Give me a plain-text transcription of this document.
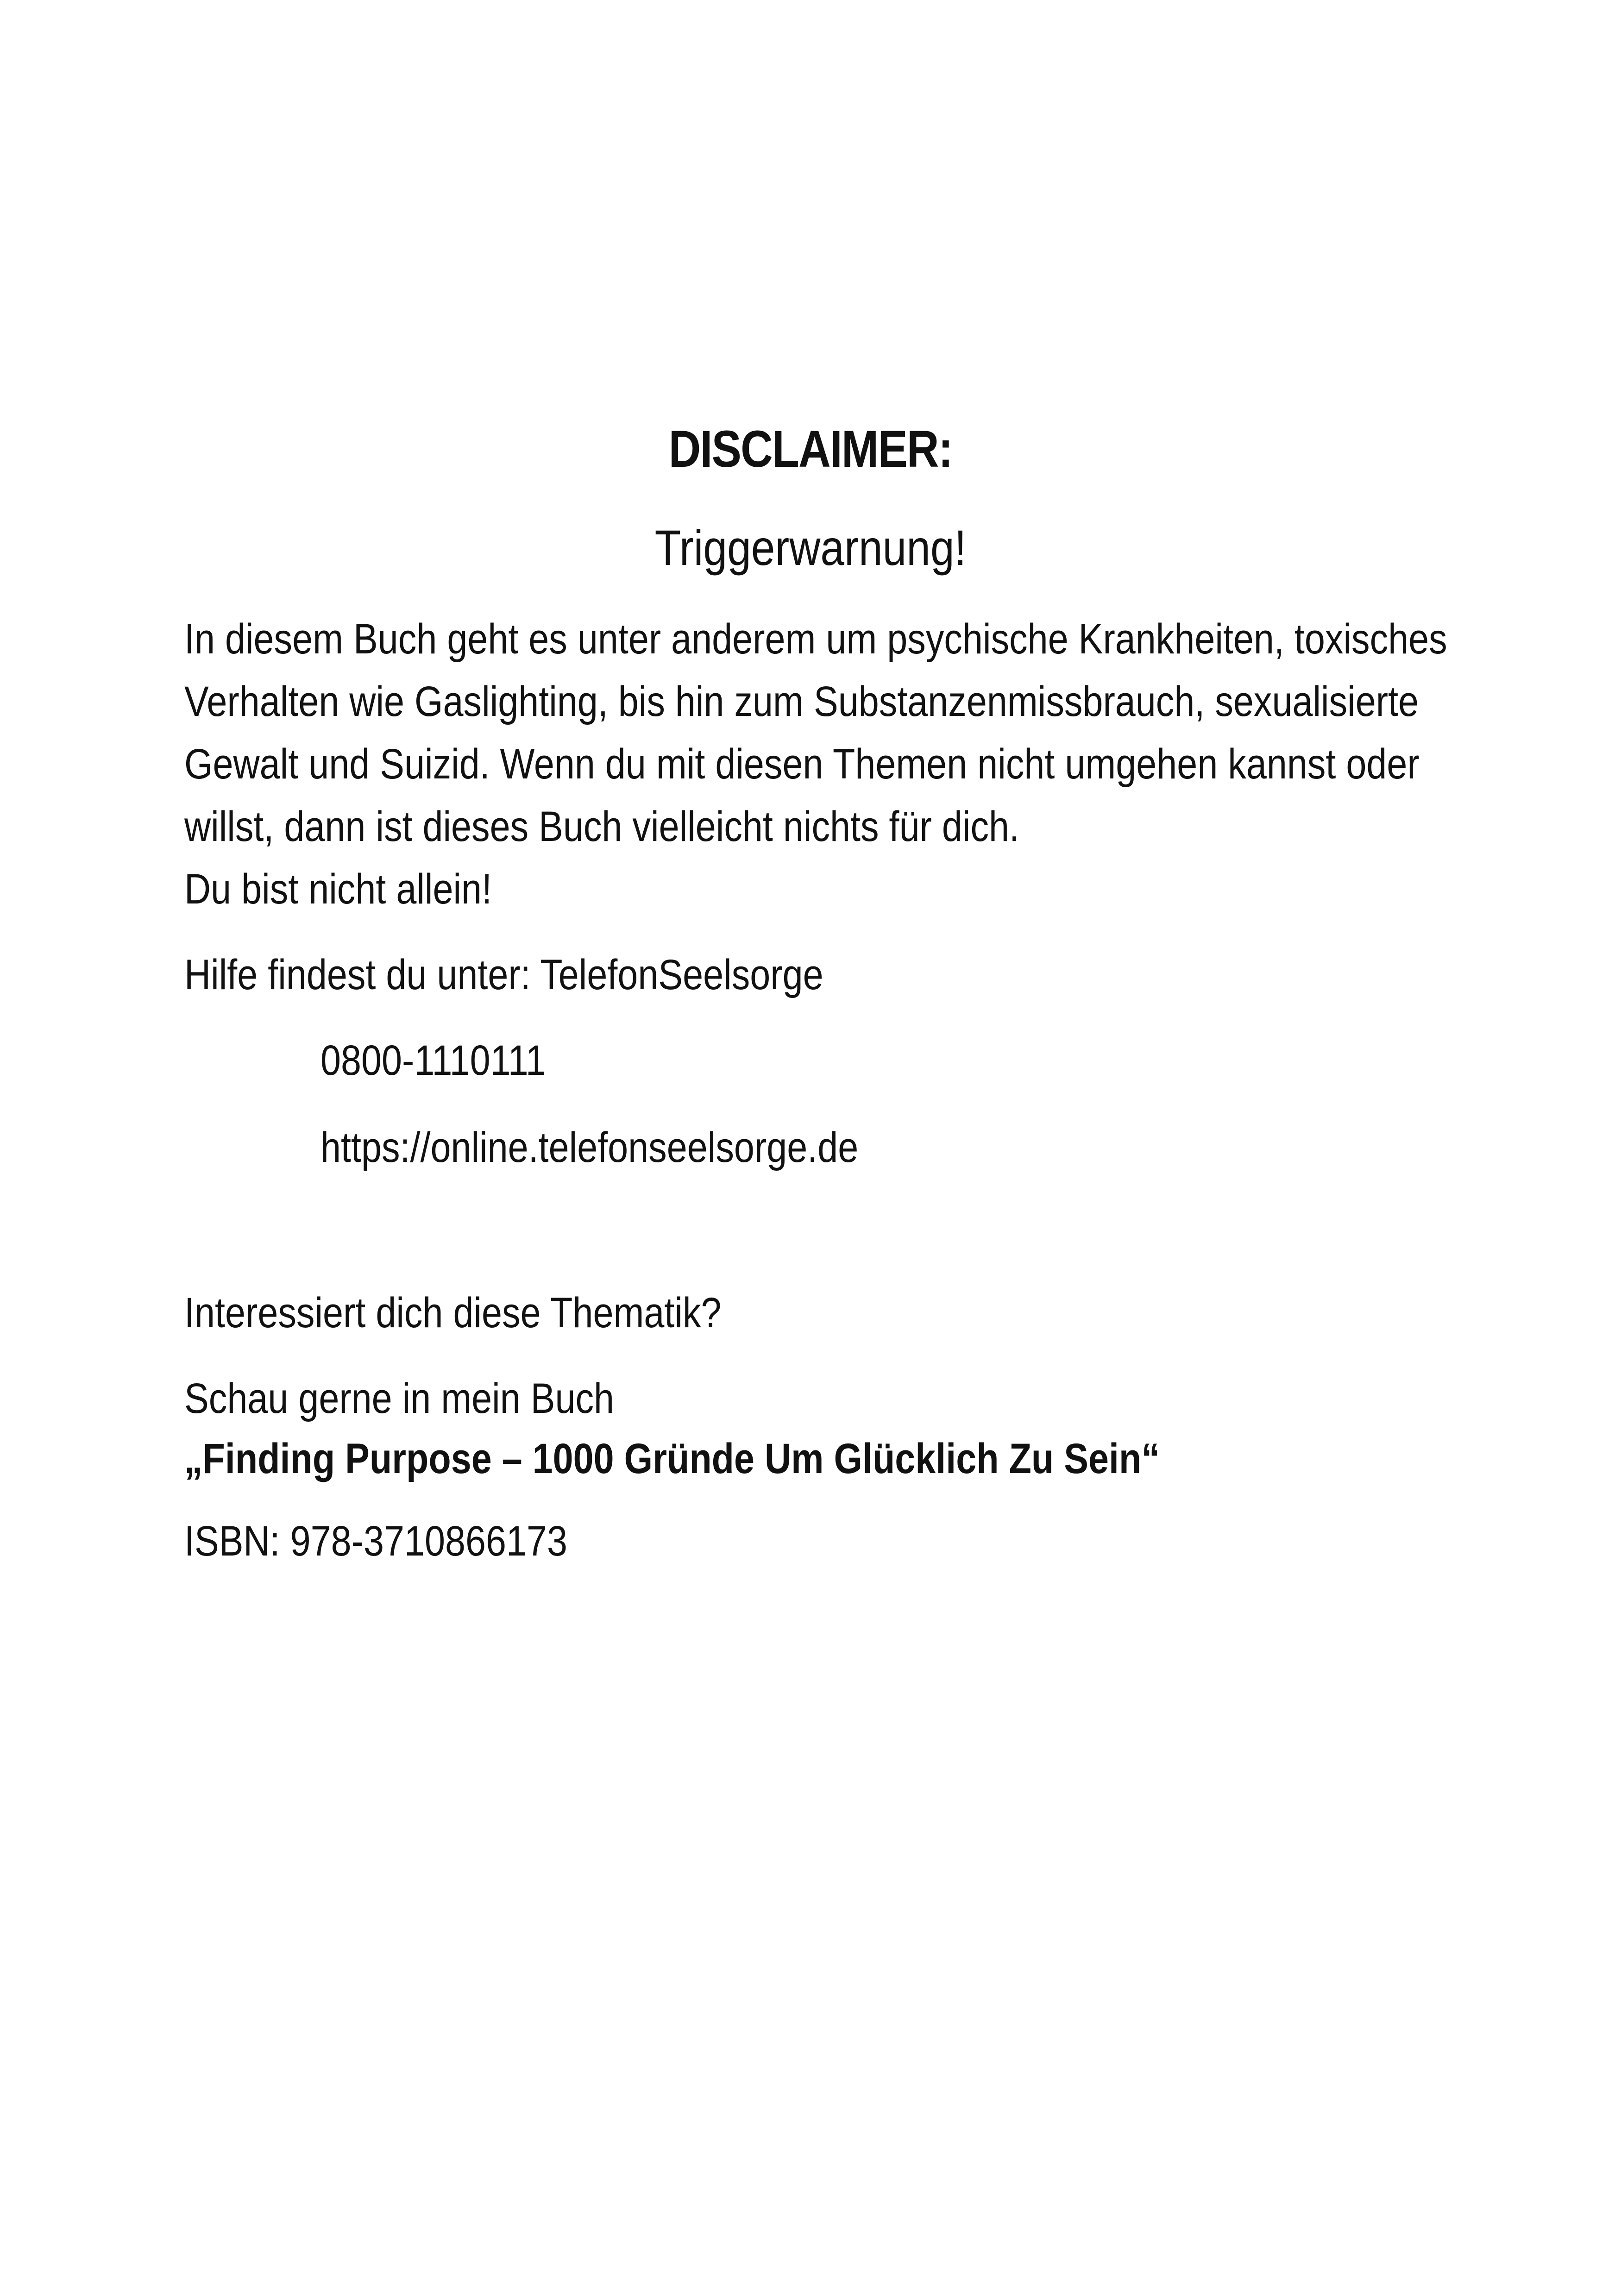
DISCLAIMER:
Triggerwarnung!
In diesem Buch geht es unter anderem um psychische Krankheiten, toxisches
Verhalten wie Gaslighting, bis hin zum Substanzenmissbrauch, sexualisierte
Gewalt und Suizid. Wenn du mit diesen Themen nicht umgehen kannst oder
willst, dann ist dieses Buch vielleicht nichts für dich.
Du bist nicht allein!
Hilfe findest du unter: TelefonSeelsorge
0800-1110111
https://online.telefonseelsorge.de
Interessiert dich diese Thematik?
Schau gerne in mein Buch
„Finding Purpose – 1000 Gründe Um Glücklich Zu Sein“
ISBN: 978-3710866173
